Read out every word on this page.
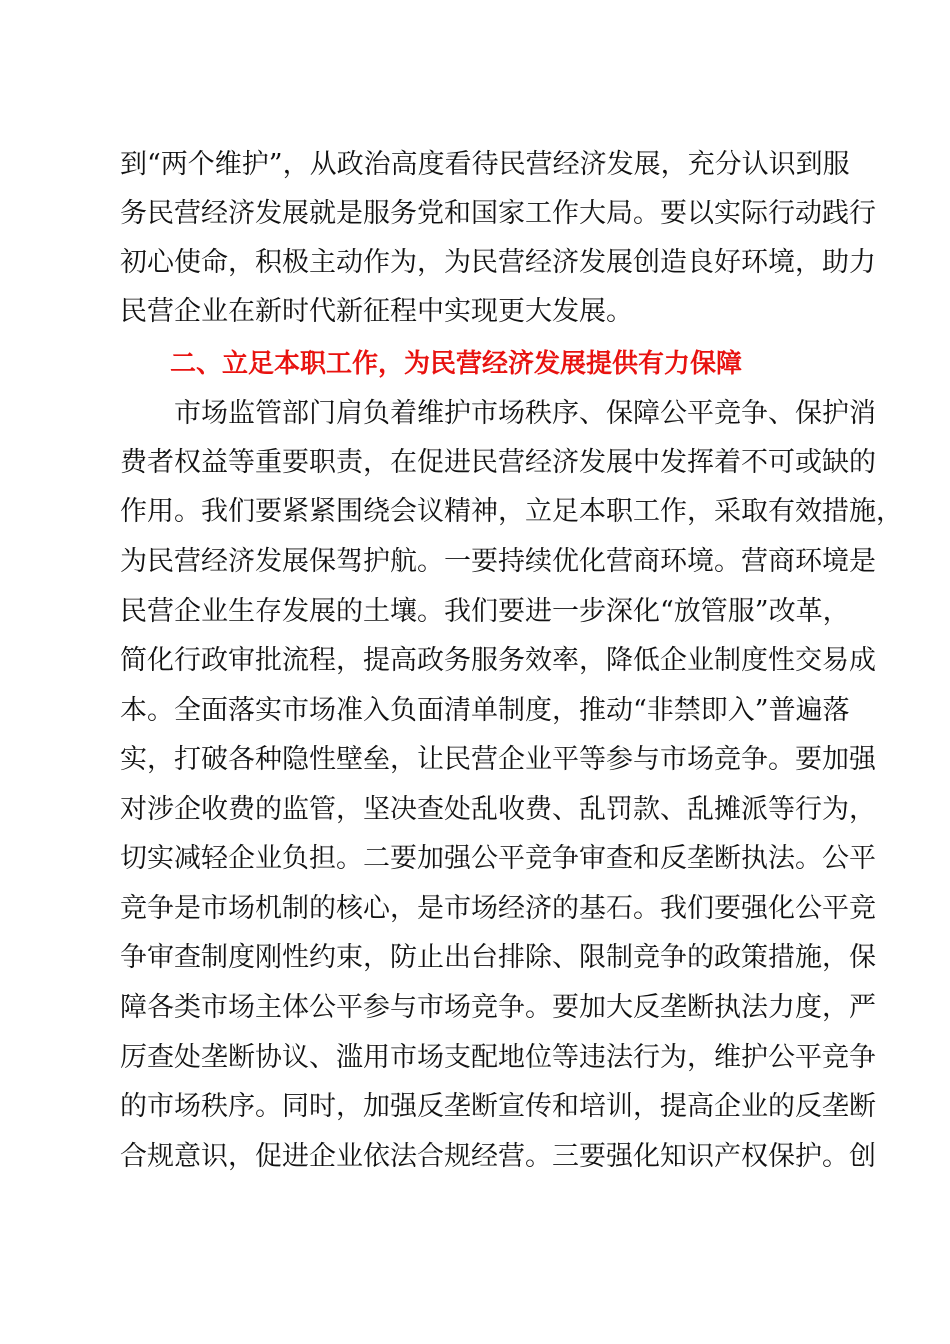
到“两个维护”，从政治高度看待民营经济发展，充分认识到服
务民营经济发展就是服务党和国家工作大局。要以实际行动践行
初心使命，积极主动作为，为民营经济发展创造良好环境，助力
民营企业在新时代新征程中实现更大发展。
二、立足本职工作，为民营经济发展提供有力保障
市场监管部门肩负着维护市场秩序、保障公平竞争、保护消
费者权益等重要职责，在促进民营经济发展中发挥着不可或缺的
作用。我们要紧紧围绕会议精神，立足本职工作，采取有效措施，
为民营经济发展保驾护航。一要持续优化营商环境。营商环境是
民营企业生存发展的土壤。我们要进一步深化“放管服”改革，
简化行政审批流程，提高政务服务效率，降低企业制度性交易成
本。全面落实市场准入负面清单制度，推动“非禁即入”普遍落
实，打破各种隐性壁垒，让民营企业平等参与市场竞争。要加强
对涉企收费的监管，坚决查处乱收费、乱罚款、乱摊派等行为，
切实减轻企业负担。二要加强公平竞争审查和反垄断执法。公平
竞争是市场机制的核心，是市场经济的基石。我们要强化公平竞
争审查制度刚性约束，防止出台排除、限制竞争的政策措施，保
障各类市场主体公平参与市场竞争。要加大反垄断执法力度，严
厉查处垄断协议、滥用市场支配地位等违法行为，维护公平竞争
的市场秩序。同时，加强反垄断宣传和培训，提高企业的反垄断
合规意识，促进企业依法合规经营。三要强化知识产权保护。创
